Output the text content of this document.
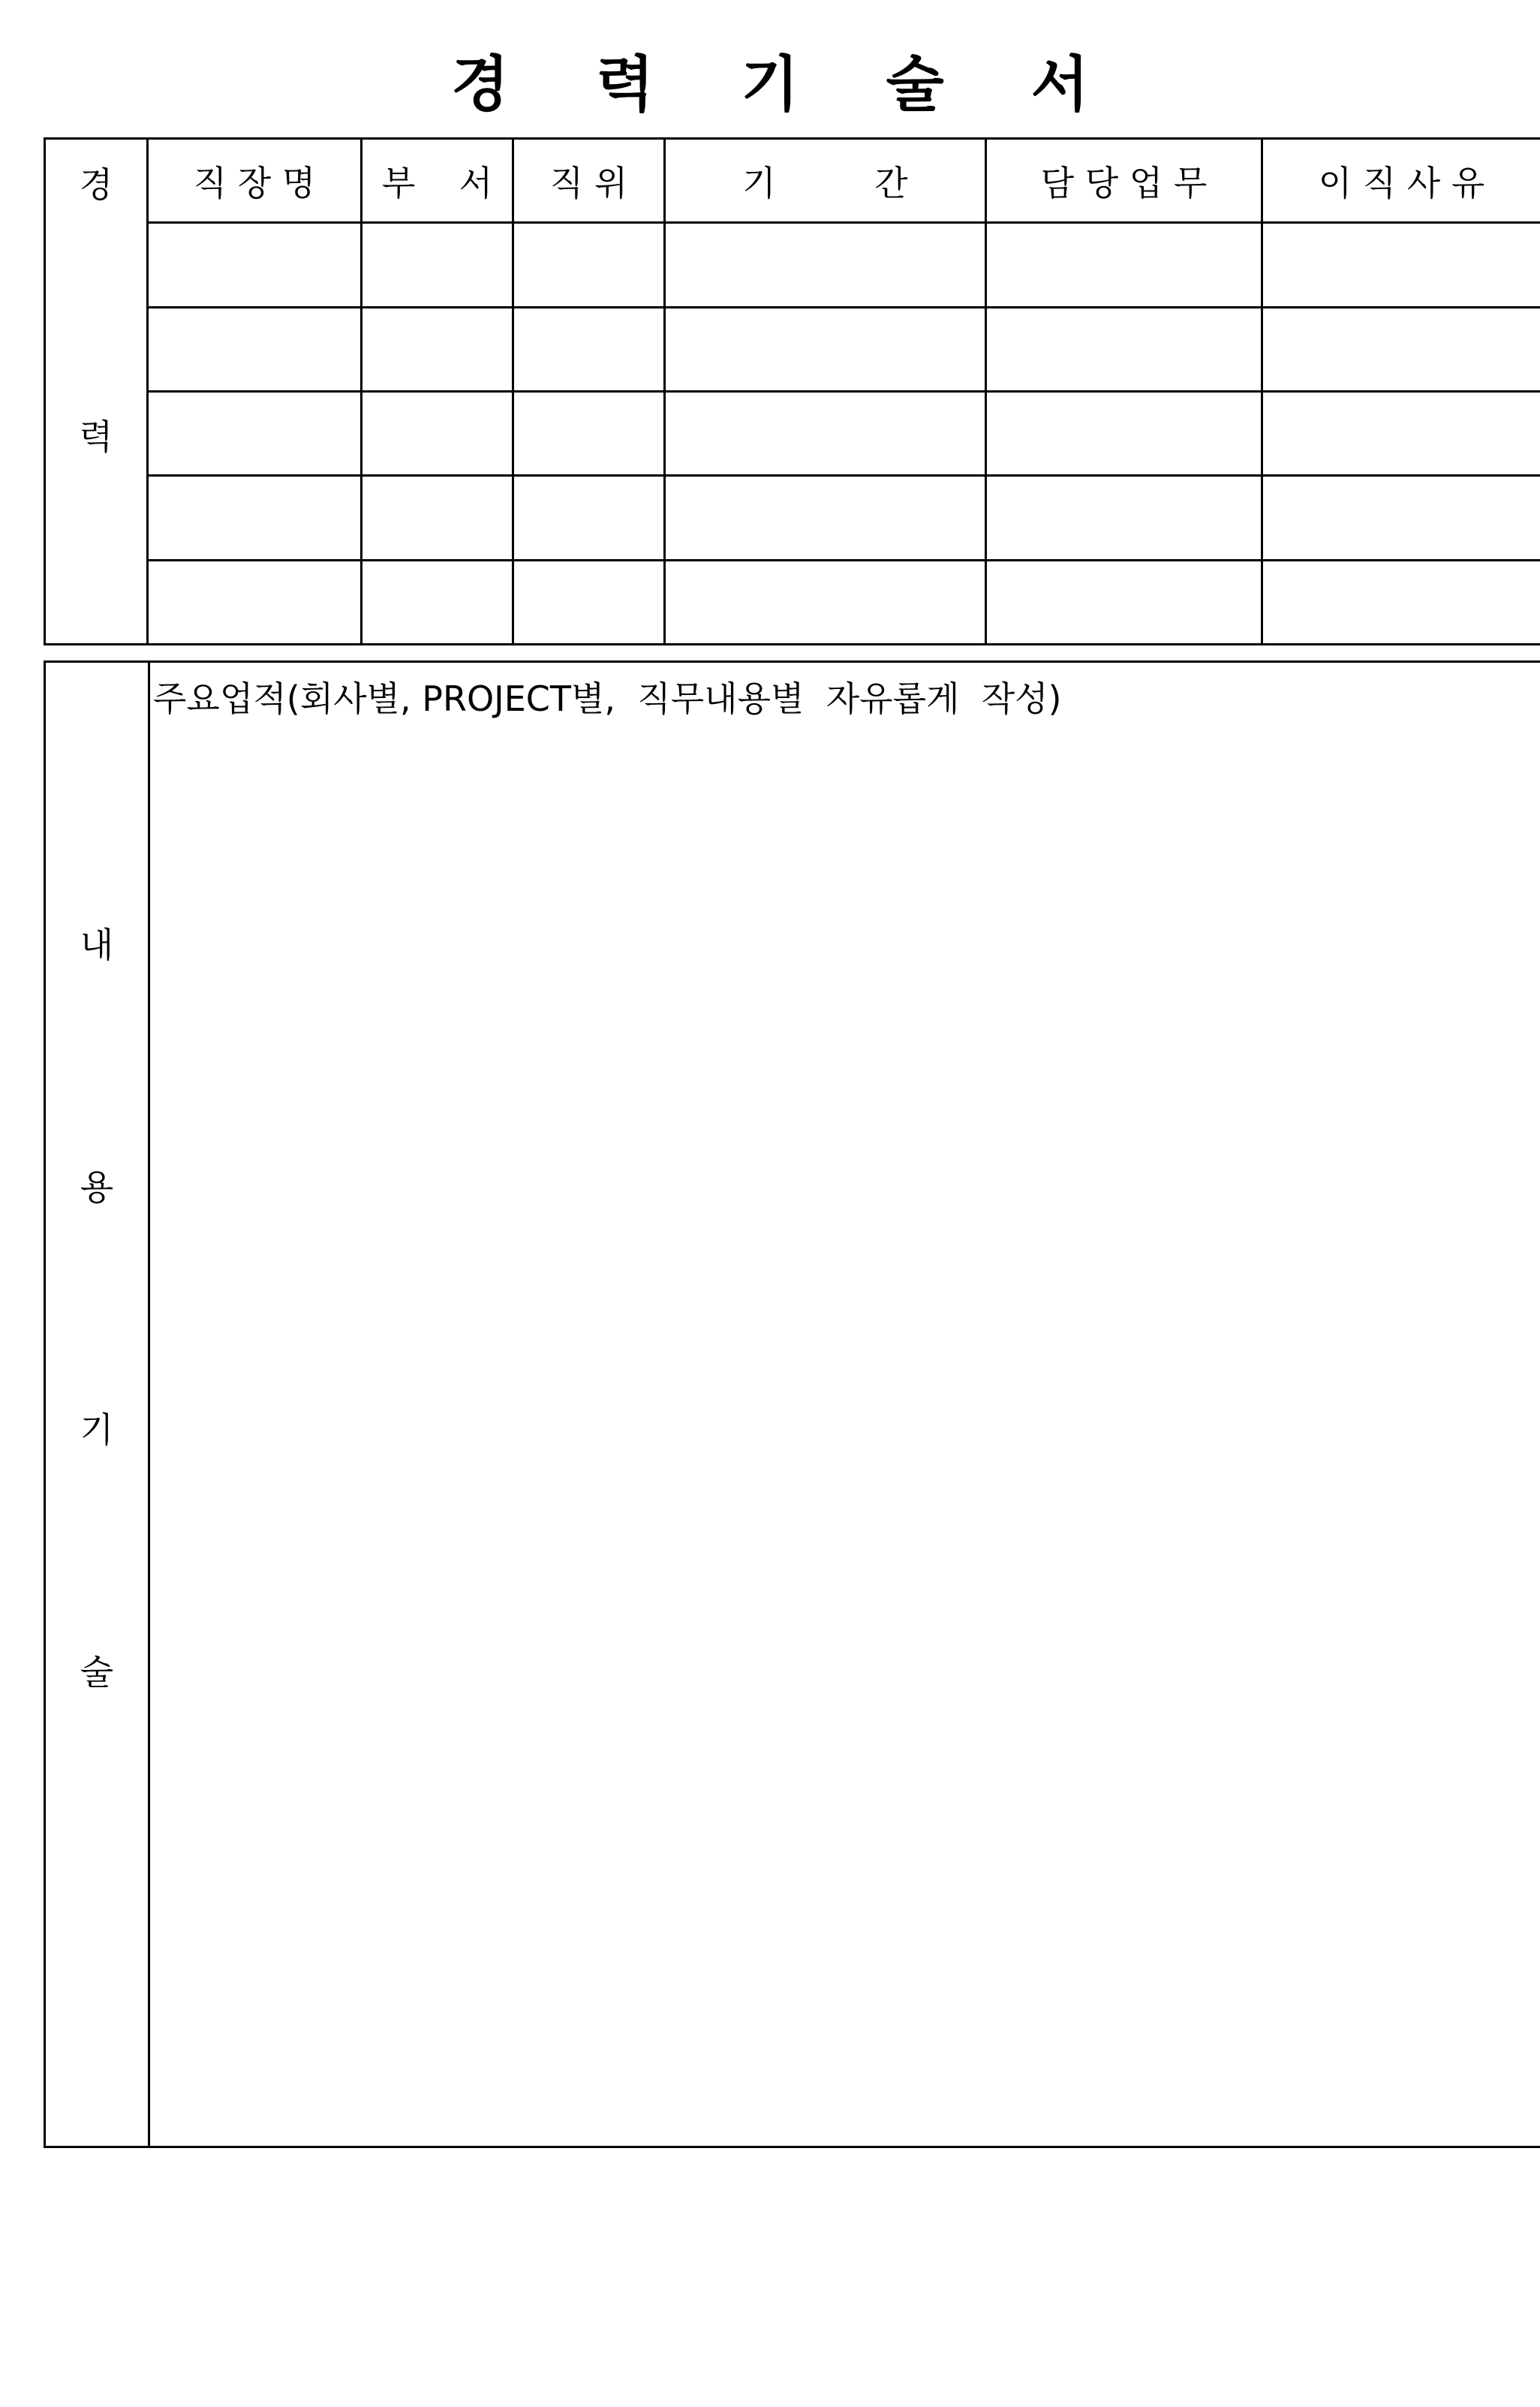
경 력 기 술 서
경
력	직 장 명	부    서	직 위	기         간	담 당 업 무	이 직 사 유

내
용
기
술

주요업적(회사별, PROJECT별,  직무내용별  자유롭게  작성)
